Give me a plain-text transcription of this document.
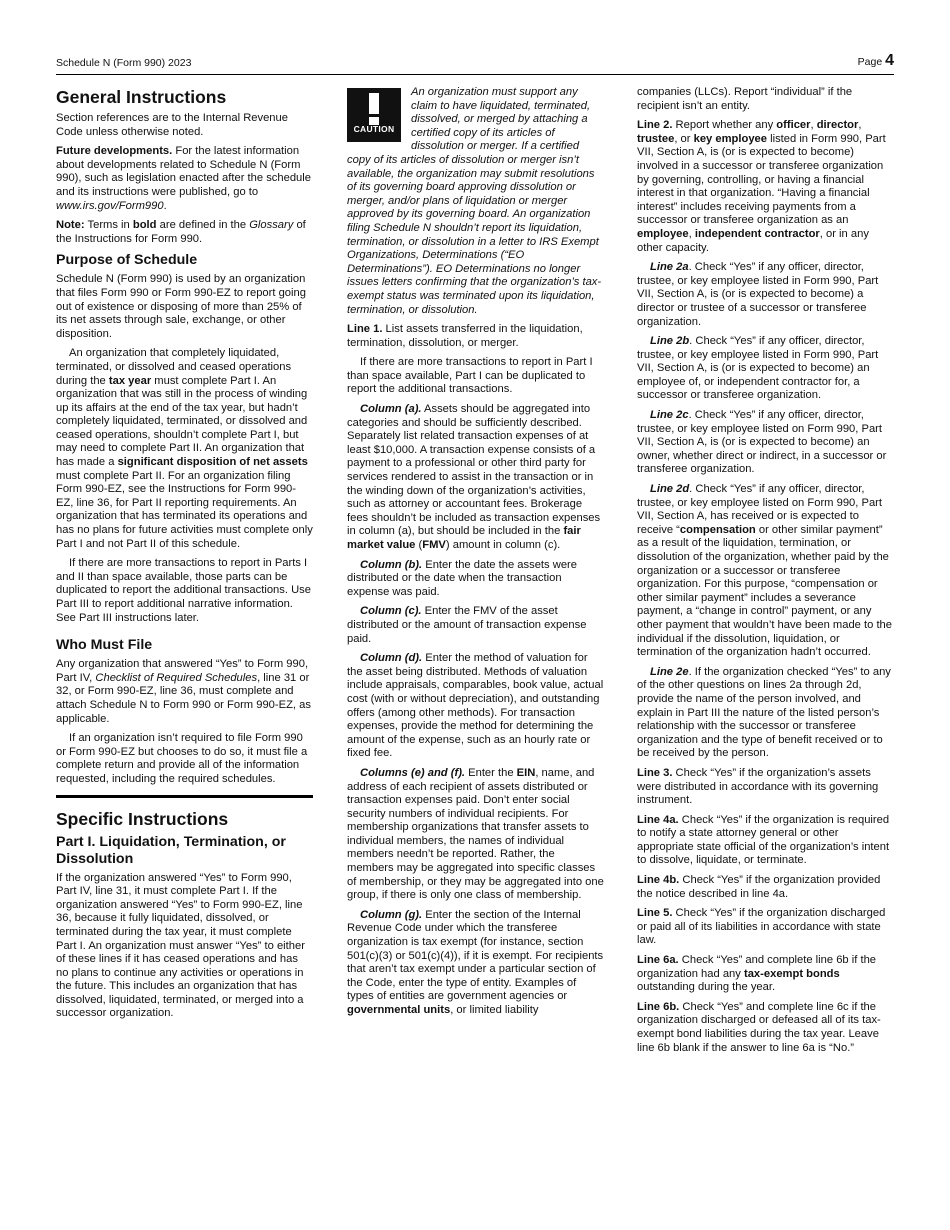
Schedule N (Form 990) 2023	Page 4
General Instructions

Section references are to the Internal Revenue Code unless otherwise noted.

Future developments. For the latest information about developments related to Schedule N (Form 990), such as legislation enacted after the schedule and its instructions were published, go to www.irs.gov/Form990.

Note: Terms in bold are defined in the Glossary of the Instructions for Form 990.

Purpose of Schedule

Schedule N (Form 990) is used by an organization that files Form 990 or Form 990-EZ to report going out of existence or disposing of more than 25% of its net assets through sale, exchange, or other disposition.

An organization that completely liquidated, terminated, or dissolved and ceased operations during the tax year must complete Part I. An organization that was still in the process of winding up its affairs at the end of the tax year, but hadn’t completely liquidated, terminated, or dissolved and ceased operations, shouldn’t complete Part I, but may need to complete Part II. An organization that has made a significant disposition of net assets must complete Part II. For an organization filing Form 990-EZ, see the Instructions for Form 990-EZ, line 36, for Part II reporting requirements. An organization that has terminated its operations and has no plans for future activities must complete only Part I and not Part II of this schedule.

If there are more transactions to report in Parts I and II than space available, those parts can be duplicated to report the additional transactions. Use Part III to report additional narrative information. See Part III instructions later.

Who Must File

Any organization that answered “Yes” to Form 990, Part IV, Checklist of Required Schedules, line 31 or 32, or Form 990-EZ, line 36, must complete and attach Schedule N to Form 990 or Form 990-EZ, as applicable.

If an organization isn’t required to file Form 990 or Form 990-EZ but chooses to do so, it must file a complete return and provide all of the information requested, including the required schedules.

Specific Instructions
Part I. Liquidation, Termination, or Dissolution

If the organization answered “Yes” to Form 990, Part IV, line 31, it must complete Part I. If the organization answered “Yes” to Form 990-EZ, line 36, because it fully liquidated, dissolved, or terminated during the tax year, it must complete Part I. An organization must answer “Yes” to either of these lines if it has ceased operations and has no plans to continue any activities or operations in the future. This includes an organization that has dissolved, liquidated, terminated, or merged into a successor organization.

CAUTION

An organization must support any claim to have liquidated, terminated, dissolved, or merged by attaching a certified copy of its articles of dissolution or merger. If a certified copy of its articles of dissolution or merger isn’t available, the organization may submit resolutions of its governing board approving dissolution or merger, and/or plans of liquidation or merger approved by its governing board. An organization filing Schedule N shouldn’t report its liquidation, termination, or dissolution in a letter to IRS Exempt Organizations, Determinations (“EO Determinations”). EO Determinations no longer issues letters confirming that the organization’s tax-exempt status was terminated upon its liquidation, termination, or dissolution.

Line 1. List assets transferred in the liquidation, termination, dissolution, or merger.

If there are more transactions to report in Part I than space available, Part I can be duplicated to report the additional transactions.

Column (a). Assets should be aggregated into categories and should be sufficiently described. Separately list related transaction expenses of at least $10,000. A transaction expense consists of a payment to a professional or other third party for services rendered to assist in the transaction or in the winding down of the organization’s activities, such as attorney or accountant fees. Brokerage fees shouldn’t be included as transaction expenses in column (a), but should be included in the fair market value (FMV) amount in column (c).

Column (b). Enter the date the assets were distributed or the date when the transaction expense was paid.

Column (c). Enter the FMV of the asset distributed or the amount of transaction expense paid.

Column (d). Enter the method of valuation for the asset being distributed. Methods of valuation include appraisals, comparables, book value, actual cost (with or without depreciation), and outstanding offers (among other methods). For transaction expenses, provide the method for determining the amount of the expense, such as an hourly rate or fixed fee.

Columns (e) and (f). Enter the EIN, name, and address of each recipient of assets distributed or transaction expenses paid. Don’t enter social security numbers of individual recipients. For membership organizations that transfer assets to individual members, the names of individual members needn’t be reported. Rather, the members may be aggregated into specific classes of membership, or they may be aggregated into one group, if there is only one class of membership.

Column (g). Enter the section of the Internal Revenue Code under which the transferee organization is tax exempt (for instance, section 501(c)(3) or 501(c)(4)), if it is exempt. For recipients that aren’t tax exempt under a particular section of the Code, enter the type of entity. Examples of types of entities are government agencies or governmental units, or limited liability

companies (LLCs). Report “individual” if the recipient isn’t an entity.

Line 2. Report whether any officer, director, trustee, or key employee listed in Form 990, Part VII, Section A, is (or is expected to become) involved in a successor or transferee organization by governing, controlling, or having a financial interest in that organization. “Having a financial interest” includes receiving payments from a successor or transferee organization as an employee, independent contractor, or in any other capacity.

Line 2a. Check “Yes” if any officer, director, trustee, or key employee listed in Form 990, Part VII, Section A, is (or is expected to become) a director or trustee of a successor or transferee organization.

Line 2b. Check “Yes” if any officer, director, trustee, or key employee listed in Form 990, Part VII, Section A, is (or is expected to become) an employee of, or independent contractor for, a successor or transferee organization.

Line 2c. Check “Yes” if any officer, director, trustee, or key employee listed on Form 990, Part VII, Section A, is (or is expected to become) an owner, whether direct or indirect, in a successor or transferee organization.

Line 2d. Check “Yes” if any officer, director, trustee, or key employee listed on Form 990, Part VII, Section A, has received or is expected to receive “compensation or other similar payment” as a result of the liquidation, termination, or dissolution of the organization, whether paid by the organization or a successor or transferee organization. For this purpose, “compensation or other similar payment” includes a severance payment, a “change in control” payment, or any other payment that wouldn’t have been made to the individual if the dissolution, liquidation, or termination of the organization hadn’t occurred.

Line 2e. If the organization checked “Yes” to any of the other questions on lines 2a through 2d, provide the name of the person involved, and explain in Part III the nature of the listed person’s relationship with the successor or transferee organization and the type of benefit received or to be received by the person.

Line 3. Check “Yes” if the organization’s assets were distributed in accordance with its governing instrument.

Line 4a. Check “Yes” if the organization is required to notify a state attorney general or other appropriate state official of the organization’s intent to dissolve, liquidate, or terminate.

Line 4b. Check “Yes” if the organization provided the notice described in line 4a.

Line 5. Check “Yes” if the organization discharged or paid all of its liabilities in accordance with state law.

Line 6a. Check “Yes” and complete line 6b if the organization had any tax-exempt bonds outstanding during the year.

Line 6b. Check “Yes” and complete line 6c if the organization discharged or defeased all of its tax-exempt bond liabilities during the tax year. Leave line 6b blank if the answer to line 6a is “No.”
